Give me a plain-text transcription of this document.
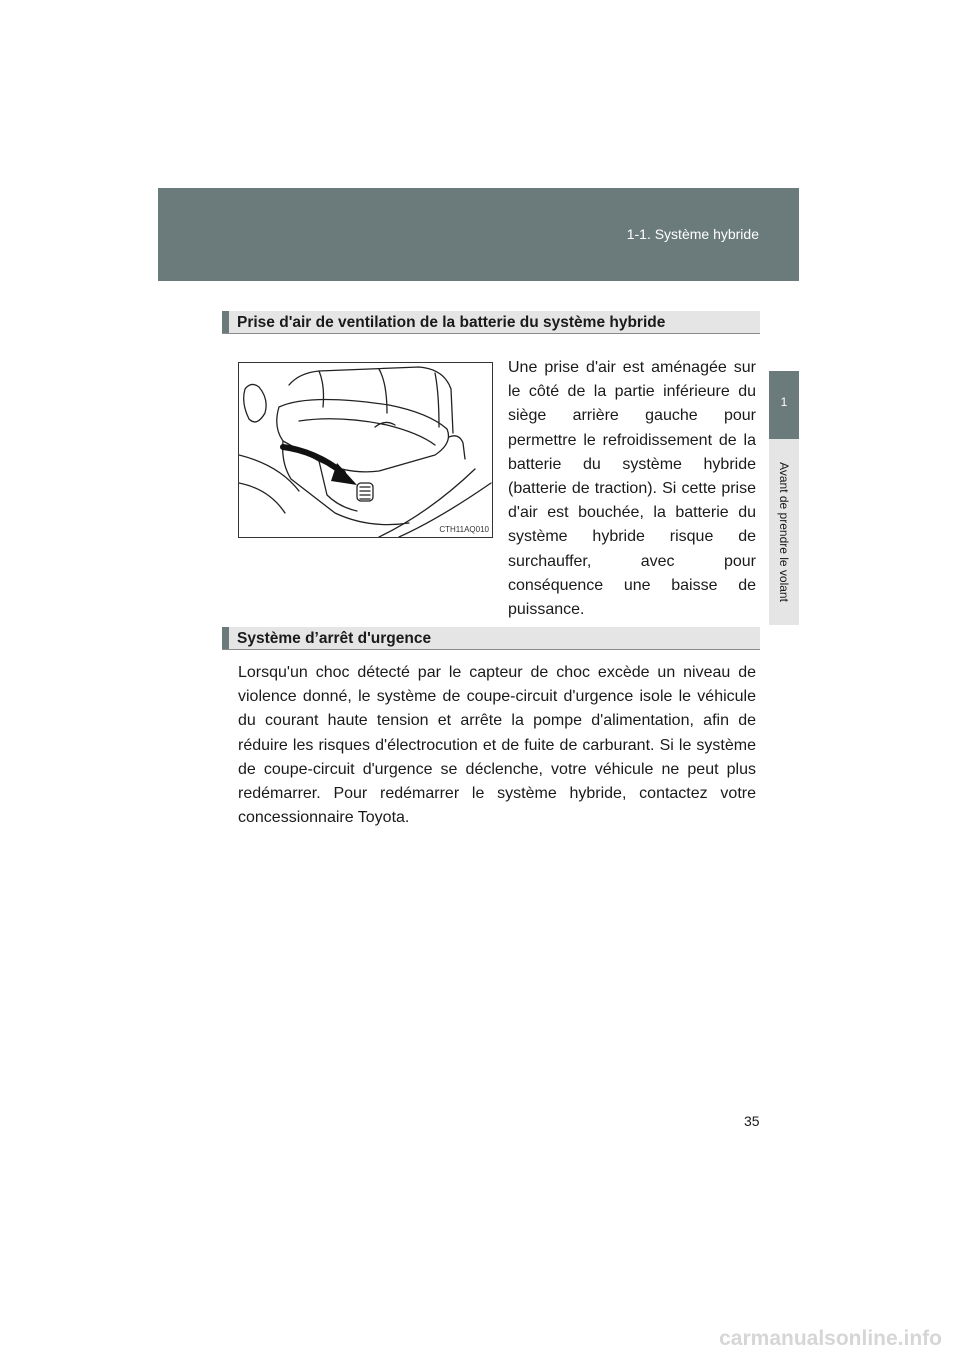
1-1. Système hybride
1
Avant de prendre le volant
Prise d'air de ventilation de la batterie du système hybride
CTH11AQ010

Une prise d'air est aménagée sur le côté de la partie inférieure du siège arrière gauche pour permettre le refroidissement de la batterie du système hybride (batterie de traction). Si cette prise d'air est bouchée, la batterie du système hybride risque de surchauffer, avec pour conséquence une baisse de puissance.

Système d’arrêt d'urgence

Lorsqu'un choc détecté par le capteur de choc excède un niveau de violence donné, le système de coupe-circuit d'urgence isole le véhicule du courant haute tension et arrête la pompe d'alimentation, afin de réduire les risques d'électrocution et de fuite de carburant. Si le système de coupe-circuit d'urgence se déclenche, votre véhicule ne peut plus redémarrer. Pour redémarrer le système hybride, contactez votre concessionnaire Toyota.

35
carmanualsonline.info
